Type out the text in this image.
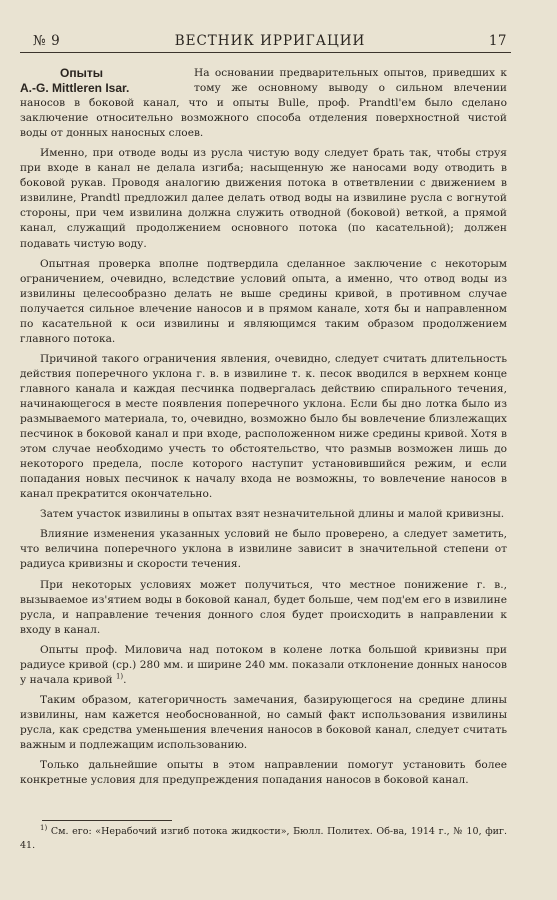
№ 9	ВЕСТНИК ИРРИГАЦИИ	17
Опыты
A.-G. Mittleren Isar.

На основании предварительных опытов, приведших к тому же основному выводу о сильном влечении наносов в боковой канал, что и опыты Bulle, проф. Prandtl'ем было сделано заключение относительно возможного способа отделения поверхностной чистой воды от донных наносных слоев.

Именно, при отводе воды из русла чистую воду следует брать так, чтобы струя при входе в канал не делала изгиба; насыщенную же наносами воду отводить в боковой рукав. Проводя аналогию движения потока в ответвлении с движением в извилине, Prandtl предложил далее делать отвод воды на извилине русла с вогнутой стороны, при чем извилина должна служить отводной (боковой) веткой, а прямой канал, служащий продолжением основного потока (по касательной); должен подавать чистую воду.

Опытная проверка вполне подтвердила сделанное заключение с некоторым ограничением, очевидно, вследствие условий опыта, а именно, что отвод воды из извилины целесообразно делать не выше средины кривой, в противном случае получается сильное влечение наносов и в прямом канале, хотя бы и направленном по касательной к оси извилины и являющимся таким образом продолжением главного потока.

Причиной такого ограничения явления, очевидно, следует считать длительность действия поперечного уклона г. в. в извилине т. к. песок вводился в верхнем конце главного канала и каждая песчинка подвергалась действию спирального течения, начинающегося в месте появления поперечного уклона. Если бы дно лотка было из размываемого материала, то, очевидно, возможно было бы вовлечение близлежащих песчинок в боковой канал и при входе, расположенном ниже средины кривой. Хотя в этом случае необходимо учесть то обстоятельство, что размыв возможен лишь до некоторого предела, после которого наступит установившийся режим, и если попадания новых песчинок к началу входа не возможны, то вовлечение наносов в канал прекратится окончательно.

Затем участок извилины в опытах взят незначительной длины и малой кривизны.

Влияние изменения указанных условий не было проверено, а следует заметить, что величина поперечного уклона в извилине зависит в значительной степени от радиуса кривизны и скорости течения.

При некоторых условиях может получиться, что местное понижение г. в., вызываемое из'ятием воды в боковой канал, будет больше, чем под'ем его в извилине русла, и направление течения донного слоя будет происходить в направлении к входу в канал.

Опыты проф. Миловича над потоком в колене лотка большой кривизны при радиусе кривой (ср.) 280 мм. и ширине 240 мм. показали отклонение донных наносов у начала кривой $^{1)}$.

Таким образом, категоричность замечания, базирующегося на средине длины извилины, нам кажется необоснованной, но самый факт использования извилины русла, как средства уменьшения влечения наносов в боковой канал, следует считать важным и подлежащим использованию.

Только дальнейшие опыты в этом направлении помогут установить более конкретные условия для предупреждения попадания наносов в боковой канал.

$^{1)}$ См. его: «Нерабочий изгиб потока жидкости», Бюлл. Политех. Об-ва, 1914 г., № 10, фиг. 41.
